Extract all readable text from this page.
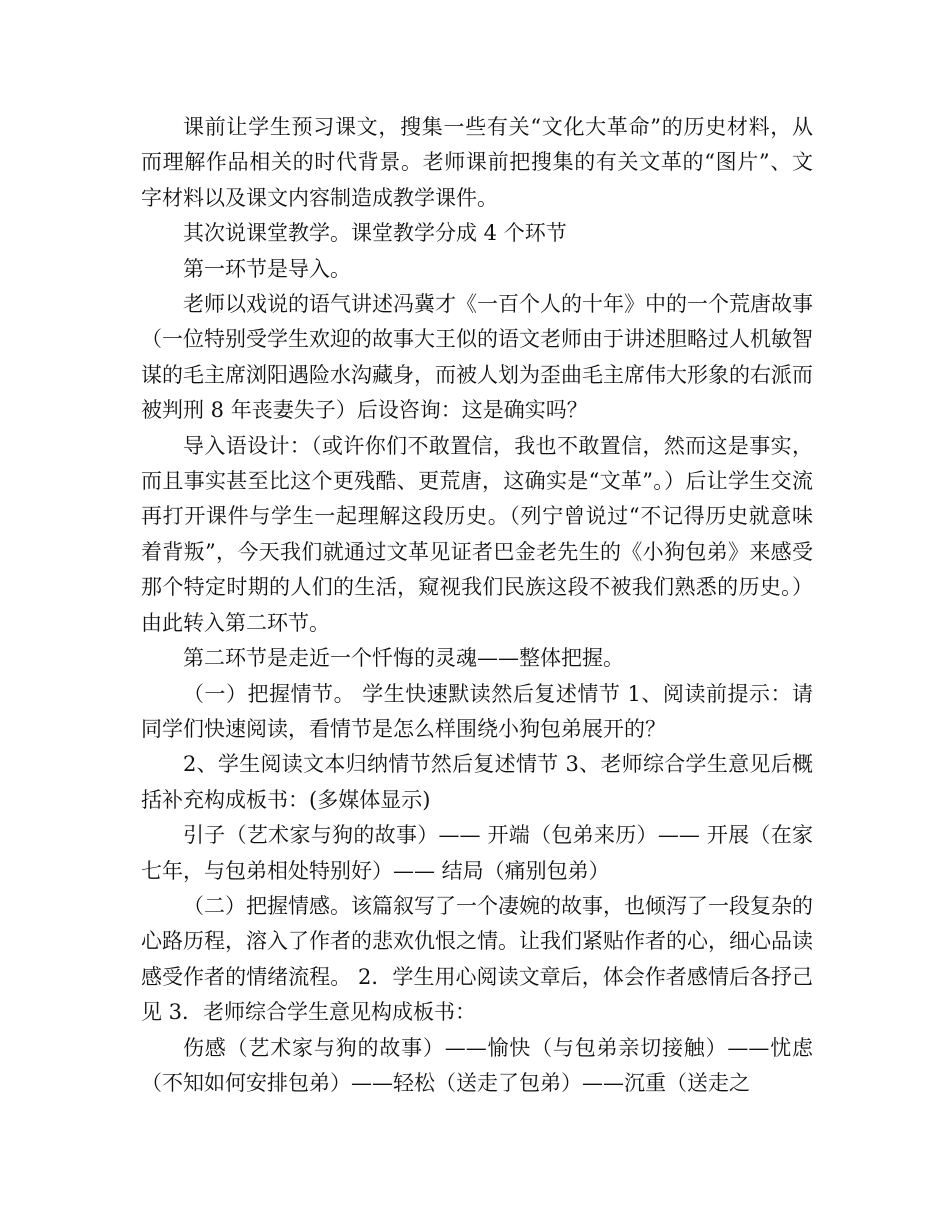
课前让学生预习课文，搜集一些有关“文化大革命”的历史材料，从而理解作品相关的时代背景。老师课前把搜集的有关文革的“图片”、文字材料以及课文内容制造成教学课件。

其次说课堂教学。课堂教学分成 4 个环节

第一环节是导入。

老师以戏说的语气讲述冯冀才《一百个人的十年》中的一个荒唐故事（一位特别受学生欢迎的故事大王似的语文老师由于讲述胆略过人机敏智谋的毛主席浏阳遇险水沟藏身，而被人划为歪曲毛主席伟大形象的右派而被判刑 8 年丧妻失子）后设咨询：这是确实吗？

导入语设计：（或许你们不敢置信，我也不敢置信，然而这是事实，而且事实甚至比这个更残酷、更荒唐，这确实是“文革”。）后让学生交流再打开课件与学生一起理解这段历史。（列宁曾说过“不记得历史就意味着背叛”，今天我们就通过文革见证者巴金老先生的《小狗包弟》来感受那个特定时期的人们的生活，窥视我们民族这段不被我们熟悉的历史。）由此转入第二环节。

第二环节是走近一个忏悔的灵魂——整体把握。

（一）把握情节。 学生快速默读然后复述情节 1、阅读前提示：请同学们快速阅读，看情节是怎么样围绕小狗包弟展开的？

2、学生阅读文本归纳情节然后复述情节 3、老师综合学生意见后概括补充构成板书：(多媒体显示)

引子（艺术家与狗的故事）—— 开端（包弟来历）—— 开展（在家七年，与包弟相处特别好）—— 结局（痛别包弟）

（二）把握情感。该篇叙写了一个凄婉的故事，也倾泻了一段复杂的心路历程，溶入了作者的悲欢仇恨之情。让我们紧贴作者的心，细心品读感受作者的情绪流程。 2．学生用心阅读文章后，体会作者感情后各抒己见 3．老师综合学生意见构成板书：

伤感（艺术家与狗的故事）——愉快（与包弟亲切接触）——忧虑（不知如何安排包弟）——轻松（送走了包弟）——沉重（送走之
